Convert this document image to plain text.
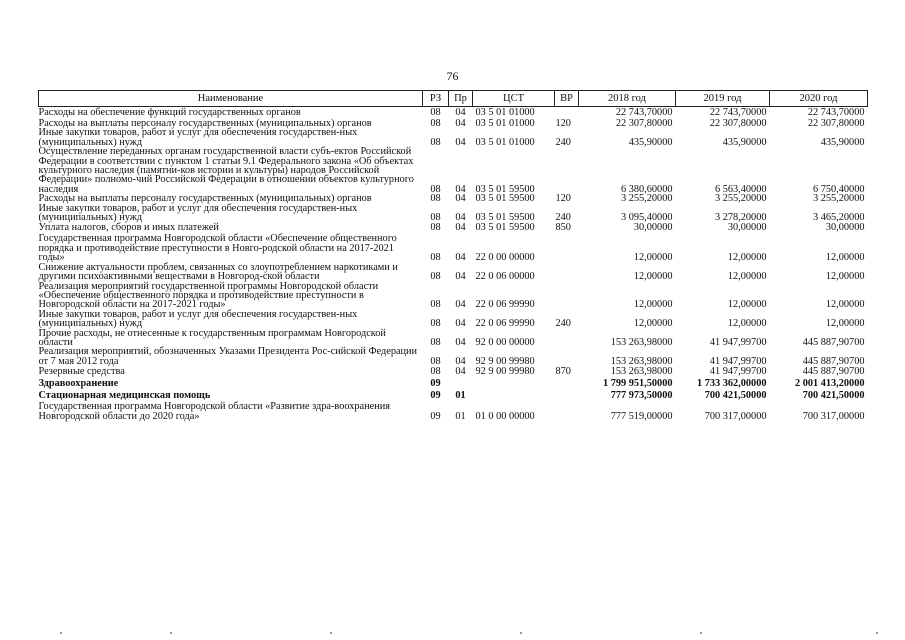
76
Наименование	РЗ	Пр	ЦСТ	ВР	2018 год	2019 год	2020 год
Расходы на обеспечение функций государственных органов	08	04	03 5 01 01000		22 743,70000	22 743,70000	22 743,70000
Расходы на выплаты персоналу государственных (муниципальных) органов	08	04	03 5 01 01000	120	22 307,80000	22 307,80000	22 307,80000
Иные закупки товаров, работ и услуг для обеспечения государствен-ных (муниципальных) нужд	08	04	03 5 01 01000	240	435,90000	435,90000	435,90000
Осуществление переданных органам государственной власти субъ-ектов Российской Федерации в соответствии с пунктом 1 статьи 9.1 Федерального закона «Об объектах культурного наследия (памятни-ков истории и культуры) народов Российской Федерации» полномо-чий Российской Федерации в отношении объектов культурного наследия	08	04	03 5 01 59500		6 380,60000	6 563,40000	6 750,40000
Расходы на выплаты персоналу государственных (муниципальных) органов	08	04	03 5 01 59500	120	3 255,20000	3 255,20000	3 255,20000
Иные закупки товаров, работ и услуг для обеспечения государствен-ных (муниципальных) нужд	08	04	03 5 01 59500	240	3 095,40000	3 278,20000	3 465,20000
Уплата налогов, сборов и иных платежей	08	04	03 5 01 59500	850	30,00000	30,00000	30,00000
Государственная программа Новгородской области «Обеспечение общественного порядка и противодействие преступности в Новго-родской области на 2017-2021 годы»	08	04	22 0 00 00000		12,00000	12,00000	12,00000
Снижение актуальности проблем, связанных со злоупотреблением наркотиками и другими психоактивными веществами в Новгород-ской области	08	04	22 0 06 00000		12,00000	12,00000	12,00000
Реализация мероприятий государственной программы Новгородской области «Обеспечение общественного порядка и противодействие преступности в Новгородской области на 2017-2021 годы»	08	04	22 0 06 99990		12,00000	12,00000	12,00000
Иные закупки товаров, работ и услуг для обеспечения государствен-ных (муниципальных) нужд	08	04	22 0 06 99990	240	12,00000	12,00000	12,00000
Прочие расходы, не отнесенные к государственным программам Новгородской области	08	04	92 0 00 00000		153 263,98000	41 947,99700	445 887,90700
Реализация мероприятий, обозначенных Указами Президента Рос-сийской Федерации от 7 мая 2012 года	08	04	92 9 00 99980		153 263,98000	41 947,99700	445 887,90700
Резервные средства	08	04	92 9 00 99980	870	153 263,98000	41 947,99700	445 887,90700
Здравоохранение	09				1 799 951,50000	1 733 362,00000	2 001 413,20000
Стационарная медицинская помощь	09	01			777 973,50000	700 421,50000	700 421,50000
Государственная программа Новгородской области «Развитие здра-воохранения Новгородской области до 2020 года»	09	01	01 0 00 00000		777 519,00000	700 317,00000	700 317,00000
